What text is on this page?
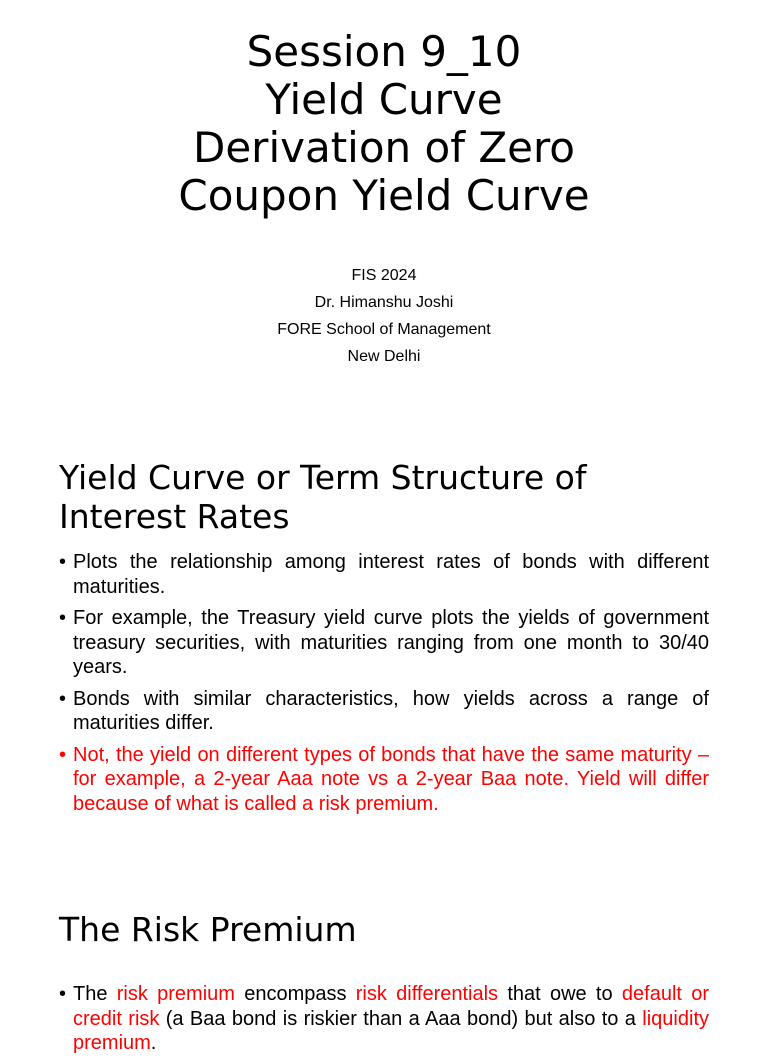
Session 9_10
Yield Curve
Derivation of Zero
Coupon Yield Curve
FIS 2024
Dr. Himanshu Joshi
FORE School of Management
New Delhi
Yield Curve or Term Structure of
Interest Rates
• Plots the relationship among interest rates of bonds with different maturities.
• For example, the Treasury yield curve plots the yields of government treasury securities, with maturities ranging from one month to 30/40 years.
• Bonds with similar characteristics, how yields across a range of maturities differ.
• Not, the yield on different types of bonds that have the same maturity – for example, a 2-year Aaa note vs a 2-year Baa note. Yield will differ because of what is called a risk premium.
The Risk Premium
• The risk premium encompass risk differentials that owe to default or credit risk (a Baa bond is riskier than a Aaa bond) but also to a liquidity premium.
